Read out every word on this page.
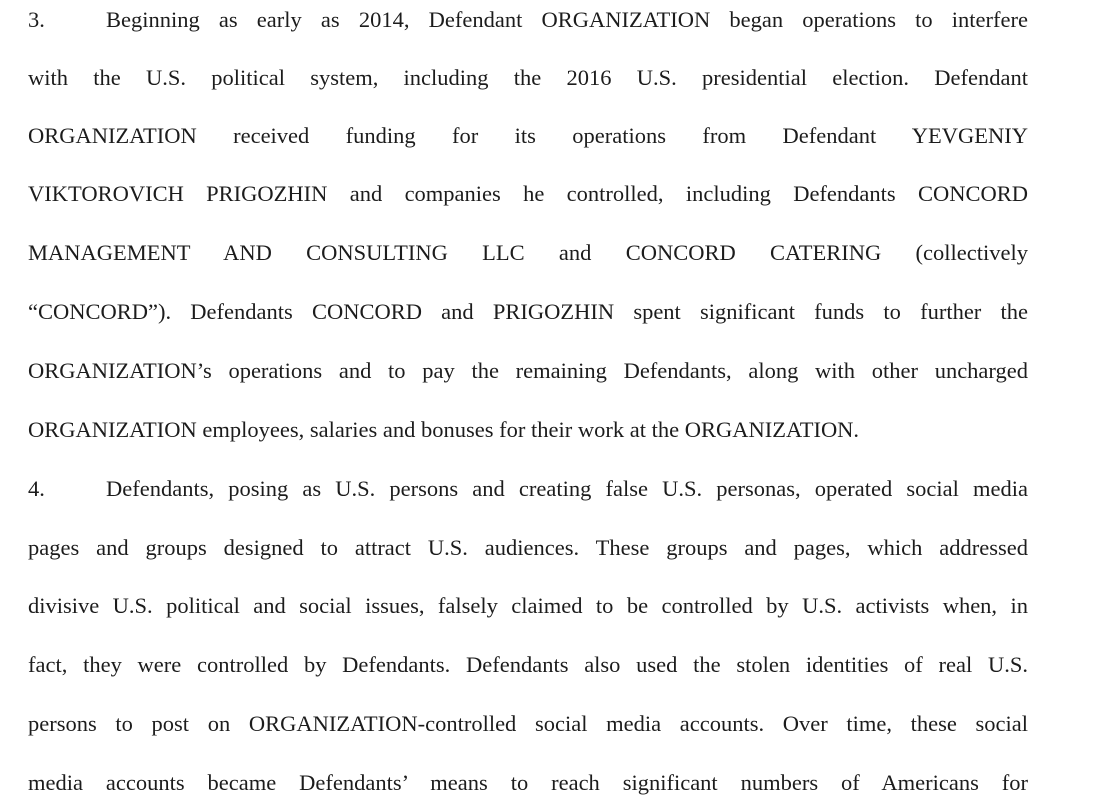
3.	Beginning as early as 2014, Defendant ORGANIZATION began operations to interfere
with the U.S. political system, including the 2016 U.S. presidential election. Defendant
ORGANIZATION received funding for its operations from Defendant YEVGENIY
VIKTOROVICH PRIGOZHIN and companies he controlled, including Defendants CONCORD
MANAGEMENT AND CONSULTING LLC and CONCORD CATERING (collectively
“CONCORD”). Defendants CONCORD and PRIGOZHIN spent significant funds to further the
ORGANIZATION’s operations and to pay the remaining Defendants, along with other uncharged
ORGANIZATION employees, salaries and bonuses for their work at the ORGANIZATION.
4.	Defendants, posing as U.S. persons and creating false U.S. personas, operated social media
pages and groups designed to attract U.S. audiences. These groups and pages, which addressed
divisive U.S. political and social issues, falsely claimed to be controlled by U.S. activists when, in
fact, they were controlled by Defendants. Defendants also used the stolen identities of real U.S.
persons to post on ORGANIZATION-controlled social media accounts. Over time, these social
media accounts became Defendants’ means to reach significant numbers of Americans for
